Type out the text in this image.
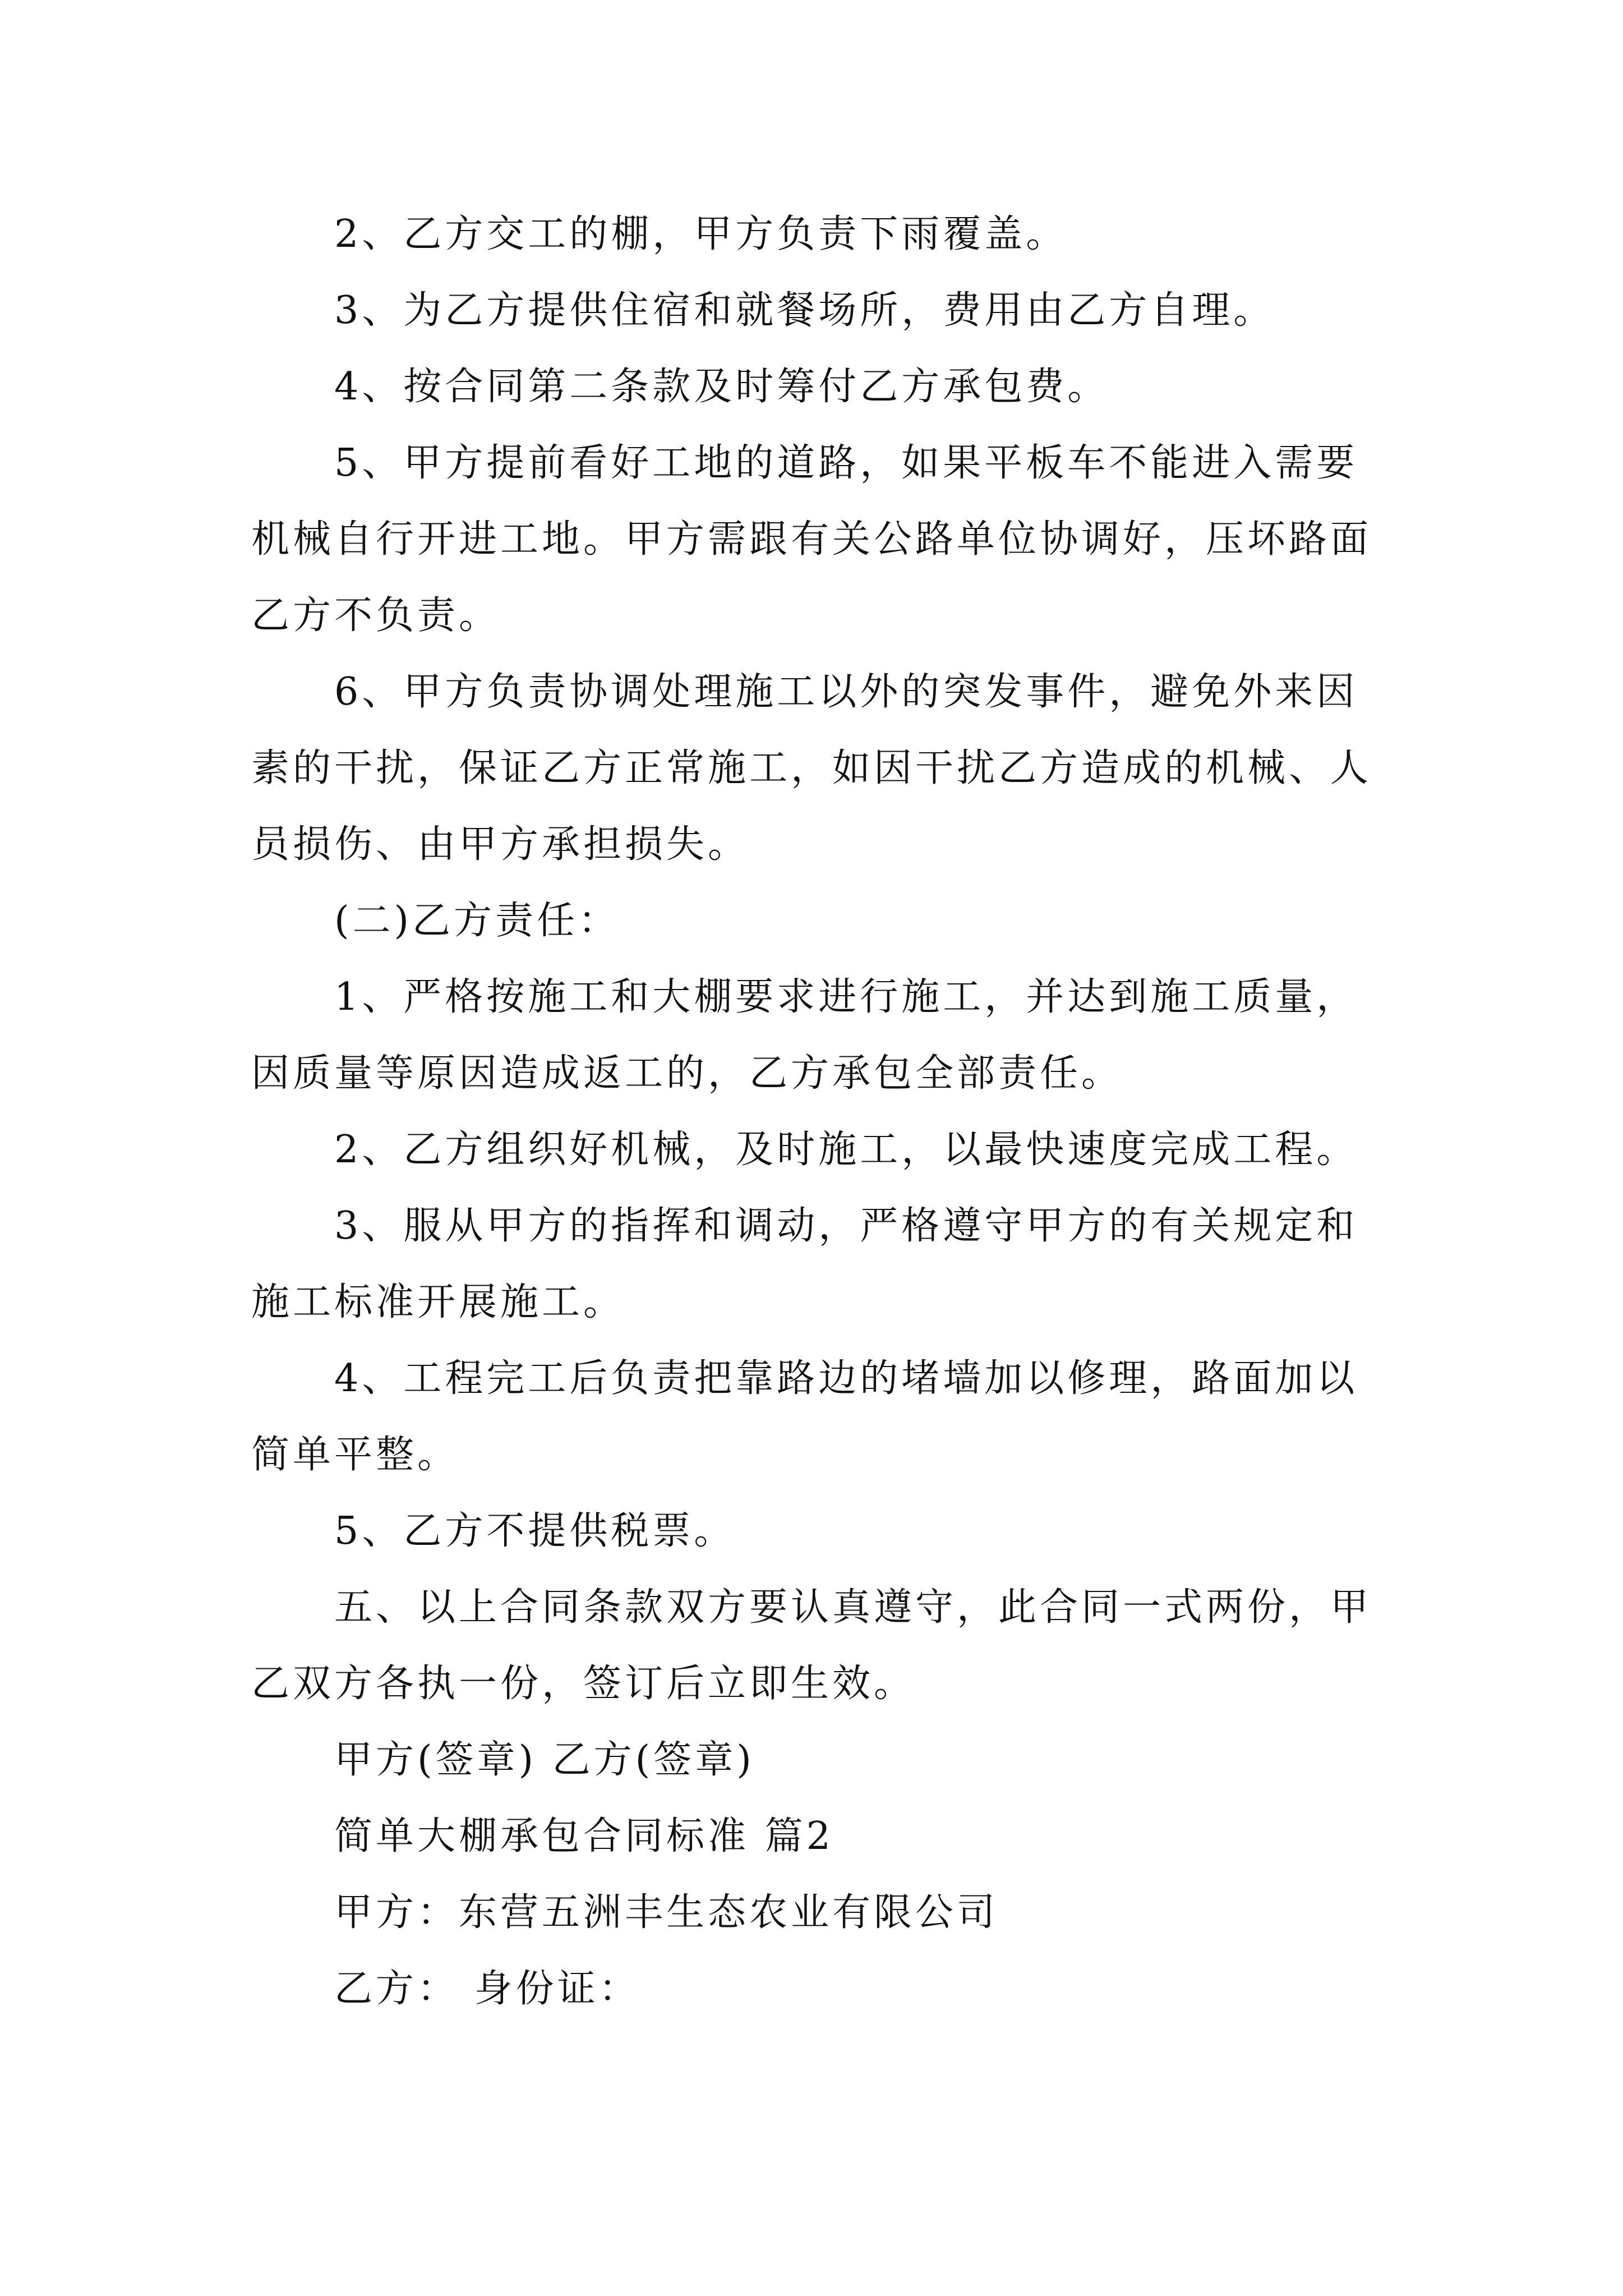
2、乙方交工的棚，甲方负责下雨覆盖。

3、为乙方提供住宿和就餐场所，费用由乙方自理。

4、按合同第二条款及时筹付乙方承包费。

5、甲方提前看好工地的道路，如果平板车不能进入需要机械自行开进工地。甲方需跟有关公路单位协调好，压坏路面乙方不负责。

6、甲方负责协调处理施工以外的突发事件，避免外来因素的干扰，保证乙方正常施工，如因干扰乙方造成的机械、人员损伤、由甲方承担损失。

(二)乙方责任：

1、严格按施工和大棚要求进行施工，并达到施工质量，因质量等原因造成返工的，乙方承包全部责任。

2、乙方组织好机械，及时施工，以最快速度完成工程。

3、服从甲方的指挥和调动，严格遵守甲方的有关规定和施工标准开展施工。

4、工程完工后负责把靠路边的堵墙加以修理，路面加以简单平整。

5、乙方不提供税票。

五、以上合同条款双方要认真遵守，此合同一式两份，甲乙双方各执一份，签订后立即生效。

甲方(签章) 乙方(签章)

简单大棚承包合同标准 篇2

甲方：东营五洲丰生态农业有限公司

乙方： 身份证：
